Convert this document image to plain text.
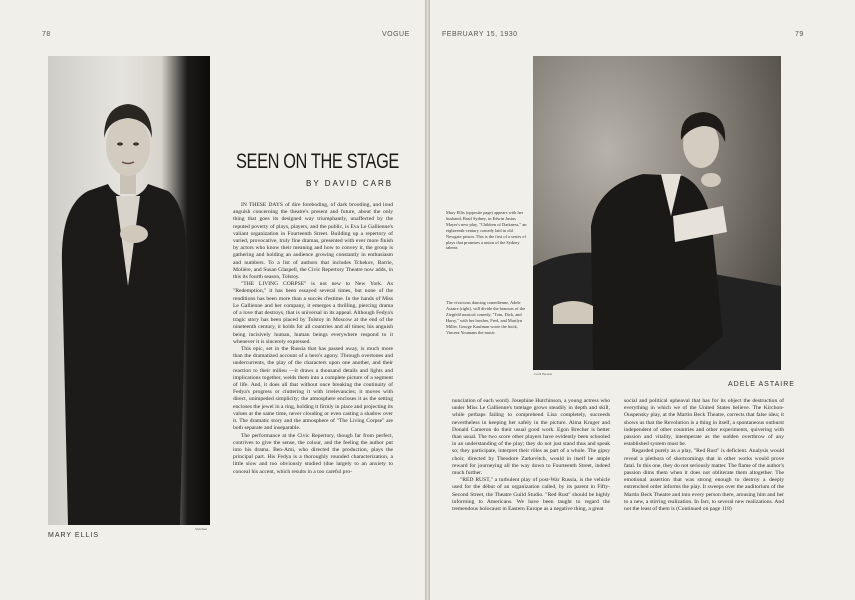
78	VOGUE
MARY ELLIS
Steichen
SEEN ON THE STAGE
BY DAVID CARB

IN THESE DAYS of dire foreboding, of dark brooding, and loud anguish concerning the theatre's present and future, about the only thing that goes its designed way triumphantly, unaffected by the reputed poverty of plays, players, and the public, is Eva Le Gallienne's valiant organization in Fourteenth Street. Building up a repertory of varied, provocative, truly fine dramas, presented with ever more finish by actors who know their meaning and how to convey it, the group is gathering and holding an audience growing constantly in enthusiasm and numbers. To a list of authors that includes Tchekov, Barrie, Molière, and Susan Glaspell, the Civic Repertory Theatre now adds, in this its fourth season, Tolstoy.

"THE LIVING CORPSE" is not new to New York. As "Redemption," it has been essayed several times, but none of the renditions has been more than a succès d'estime. In the hands of Miss Le Gallienne and her company, it emerges a thrilling, piercing drama of a love that destroys, that is universal in its appeal. Although Fedya's tragic story has been placed by Tolstoy in Moscow at the end of the nineteenth century, it holds for all countries and all times; his anguish being incisively human, human beings everywhere respond to it whenever it is sincerely expressed.

This epic, set in the Russia that has passed away, is much more than the dramatized account of a hero's agony. Through overtones and undercurrents, the play of the characters upon one another, and their reaction to their milieu —it draws a thousand details and lights and implications together, welds them into a complete picture of a segment of life. And, it does all that without once breaking the continuity of Fedya's progress or cluttering it with irrelevancies; it moves with direct, unimpeded simplicity; the atmosphere encloses it as the setting encloses the jewel in a ring, holding it firmly in place and projecting its values at the same time, never clouding or even casting a shadow over it. The dramatic story and the atmosphere of "The Living Corpse" are both separate and inseparable.

The performance at the Civic Repertory, though far from perfect, contrives to give the sense, the colour, and the feeling the author put into his drama. Ben-Ami, who directed the production, plays the principal part. His Fedya is a thoroughly rounded characterization, a little slow and too obviously studied (due largely to an anxiety to conceal his accent, which results in a too careful pro-

FEBRUARY 15, 1930	79

Mary Ellis (opposite page) appears with her husband, Basil Sydney, in Edwin Justus Mayer's new play, "Children of Darkness," an eighteenth-century comedy laid in old Newgate prison. This is the first of a series of plays that promises a union of the Sydney talents

The vivacious dancing comedienne, Adele Astaire (right), will divide the honours of the Ziegfeld musical comedy, "Tom, Dick, and Harry," with her brother, Fred, and Marilyn Miller. George Kaufman wrote the book, Vincent Youmans the music

Cecil Beaton
ADELE ASTAIRE

nunciation of each word). Josephine Hutchinson, a young actress who under Miss Le Gallienne's tutelage grows steadily in depth and skill, while perhaps failing to comprehend Lisa completely, succeeds nevertheless in keeping her safely in the picture. Alma Kruger and Donald Cameron do their usual good work. Egon Brecher is better than usual. The two score other players have evidently been schooled in an understanding of the play; they do not just stand thus and speak so; they participate, interpret their rôles as part of a whole. The gipsy choir, directed by Theodore Zarkevitch, would in itself be ample reward for journeying all the way down to Fourteenth Street, indeed much further.

"RED RUST," a turbulent play of post-War Russia, is the vehicle used for the début of an organization called, by its parent in Fifty-Second Street, the Theatre Guild Studio. "Red Rust" should be highly informing to Americans. We have been taught to regard the tremendous holocaust in Eastern Europe as a negative thing, a great

social and political upheaval that has for its object the destruction of everything in which we of the United States believe. The Kirchon-Ouspensky play, at the Martin Beck Theatre, corrects that false idea; it shows us that the Revolution is a thing in itself, a spontaneous outburst independent of other countries and other experiments, quivering with passion and vitality, intemperate as the sudden overthrow of any established system must be.

Regarded purely as a play, "Red Rust" is deficient. Analysis would reveal a plethora of shortcomings that in other works would prove fatal. In this one, they do not seriously matter. The flame of the author's passion dims them when it does not obliterate them altogether. The emotional assertion that was strong enough to destroy a deeply entrenched order informs the play. It sweeps over the auditorium of the Martin Beck Theatre and into every person there, arousing him and her to a new, a stirring realization. In fact, to several new realizations. And not the least of them is (Continued on page 118)
